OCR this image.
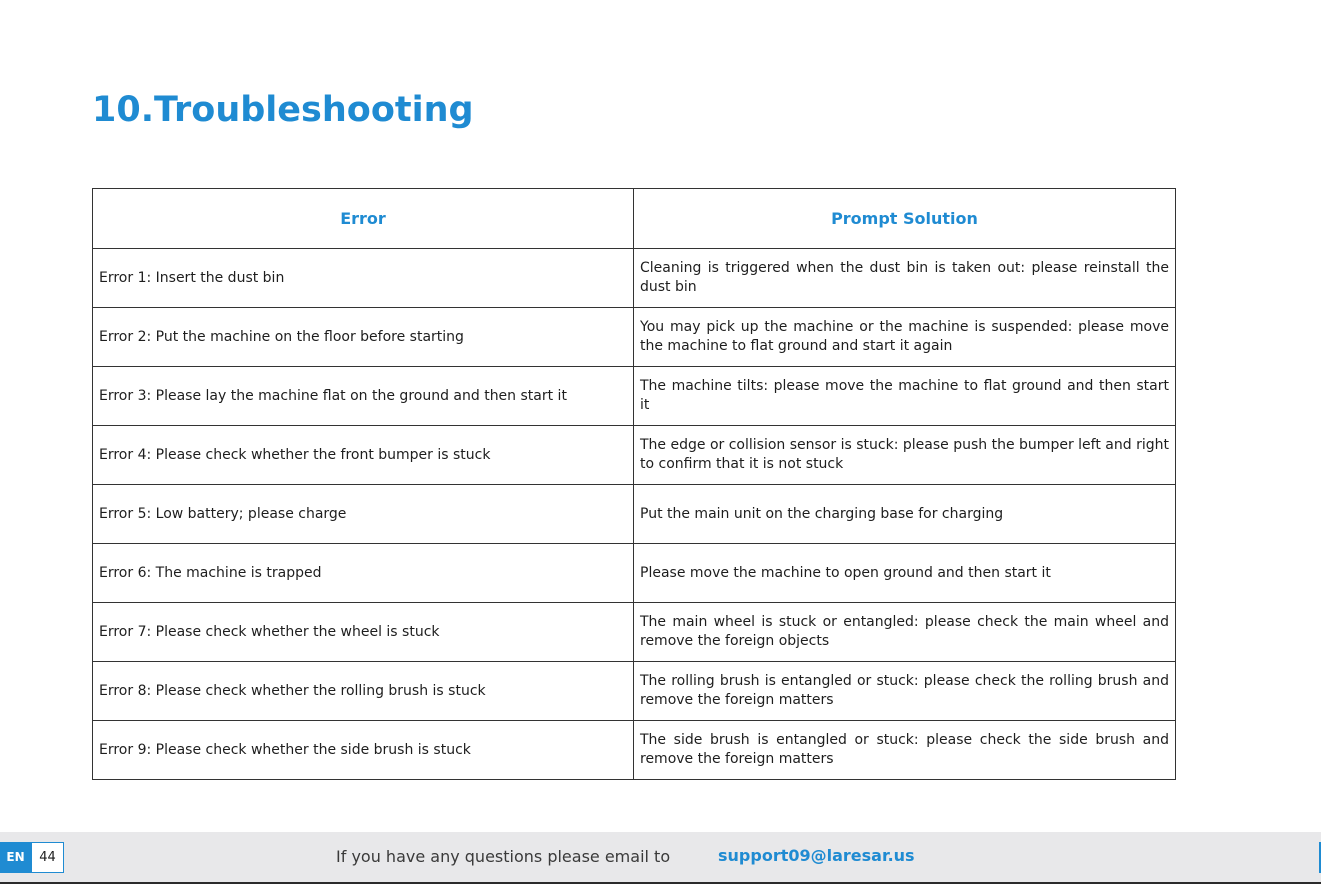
10.Troubleshooting
Error	Prompt Solution
Error 1: Insert the dust bin	Cleaning is triggered when the dust bin is taken out: please reinstall the dust bin
Error 2: Put the machine on the floor before starting	You may pick up the machine or the machine is suspended: please move the machine to flat ground and start it again
Error 3: Please lay the machine flat on the ground and then start it	The machine tilts: please move the machine to flat ground and then start it
Error 4: Please check whether the front bumper is stuck	The edge or collision sensor is stuck: please push the bumper left and right to confirm that it is not stuck
Error 5: Low battery; please charge	Put the main unit on the charging base for charging
Error 6: The machine is trapped	Please move the machine to open ground and then start it
Error 7: Please check whether the wheel is stuck	The main wheel is stuck or entangled: please check the main wheel and remove the foreign objects
Error 8: Please check whether the rolling brush is stuck	The rolling brush is entangled or stuck: please check the rolling brush and remove the foreign matters
Error 9: Please check whether the side brush is stuck	The side brush is entangled or stuck: please check the side brush and remove the foreign matters
EN	44	If you have any questions please email to	support09@laresar.us
